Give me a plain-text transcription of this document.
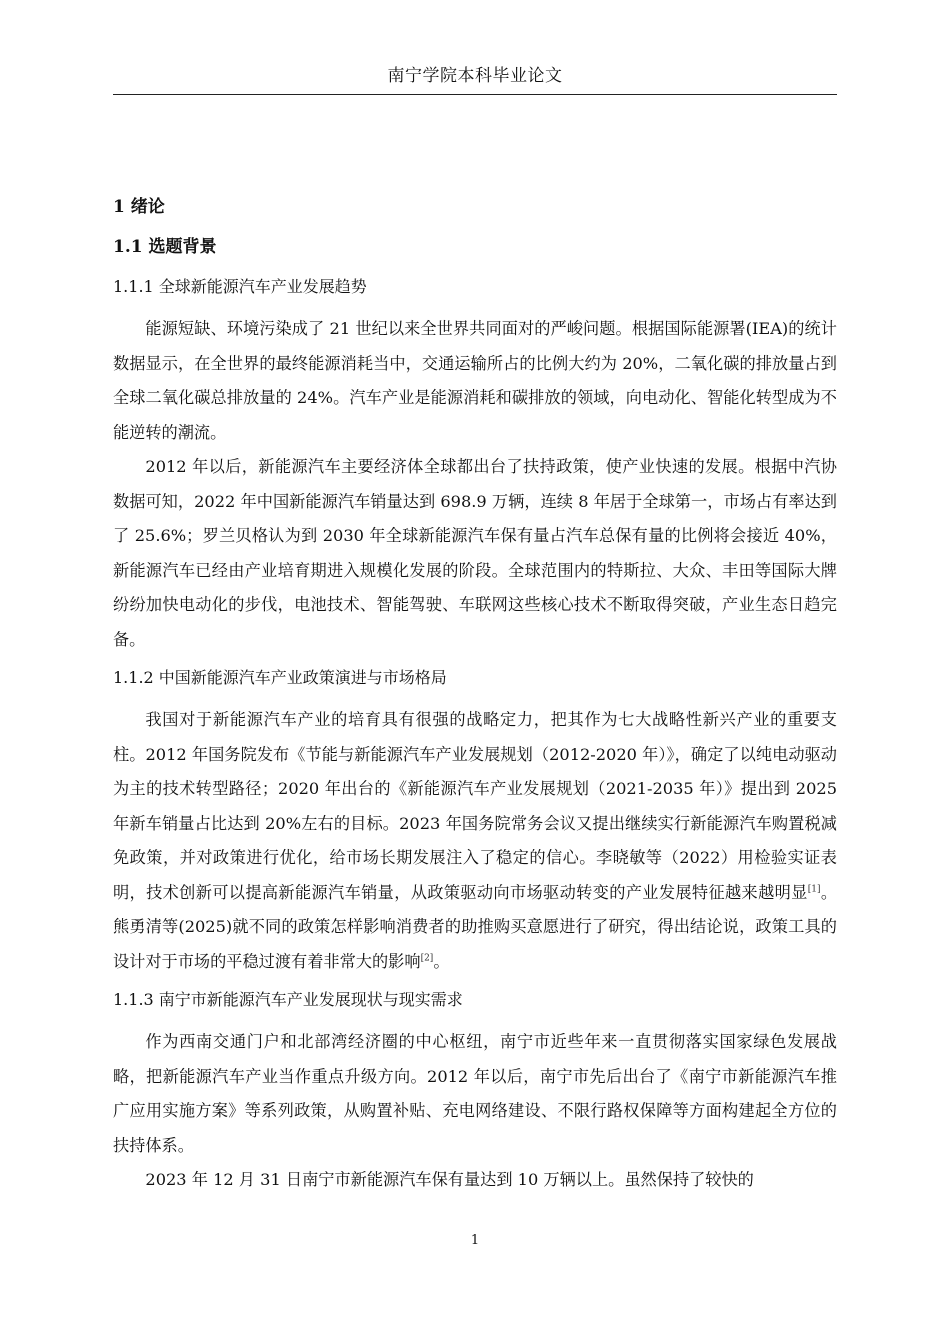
南宁学院本科毕业论文
1 绪论
1.1 选题背景
1.1.1 全球新能源汽车产业发展趋势

能源短缺、环境污染成了 21 世纪以来全世界共同面对的严峻问题。根据国际能源署(IEA)的统计数据显示，在全世界的最终能源消耗当中，交通运输所占的比例大约为 20%，二氧化碳的排放量占到全球二氧化碳总排放量的 24%。汽车产业是能源消耗和碳排放的领域，向电动化、智能化转型成为不能逆转的潮流。

2012 年以后，新能源汽车主要经济体全球都出台了扶持政策，使产业快速的发展。根据中汽协数据可知，2022 年中国新能源汽车销量达到 698.9 万辆，连续 8 年居于全球第一，市场占有率达到了 25.6%；罗兰贝格认为到 2030 年全球新能源汽车保有量占汽车总保有量的比例将会接近 40%，新能源汽车已经由产业培育期进入规模化发展的阶段。全球范围内的特斯拉、大众、丰田等国际大牌纷纷加快电动化的步伐，电池技术、智能驾驶、车联网这些核心技术不断取得突破，产业生态日趋完备。

1.1.2 中国新能源汽车产业政策演进与市场格局

我国对于新能源汽车产业的培育具有很强的战略定力，把其作为七大战略性新兴产业的重要支柱。2012 年国务院发布《节能与新能源汽车产业发展规划（2012-2020 年）》，确定了以纯电动驱动为主的技术转型路径；2020 年出台的《新能源汽车产业发展规划（2021-2035 年）》提出到 2025 年新车销量占比达到 20%左右的目标。2023 年国务院常务会议又提出继续实行新能源汽车购置税减免政策，并对政策进行优化，给市场长期发展注入了稳定的信心。李晓敏等（2022）用检验实证表明，技术创新可以提高新能源汽车销量，从政策驱动向市场驱动转变的产业发展特征越来越明显[1]。熊勇清等(2025)就不同的政策怎样影响消费者的助推购买意愿进行了研究，得出结论说，政策工具的设计对于市场的平稳过渡有着非常大的影响[2]。

1.1.3 南宁市新能源汽车产业发展现状与现实需求

作为西南交通门户和北部湾经济圈的中心枢纽，南宁市近些年来一直贯彻落实国家绿色发展战略，把新能源汽车产业当作重点升级方向。2012 年以后，南宁市先后出台了《南宁市新能源汽车推广应用实施方案》等系列政策，从购置补贴、充电网络建设、不限行路权保障等方面构建起全方位的扶持体系。

2023 年 12 月 31 日南宁市新能源汽车保有量达到 10 万辆以上。虽然保持了较快的

1
